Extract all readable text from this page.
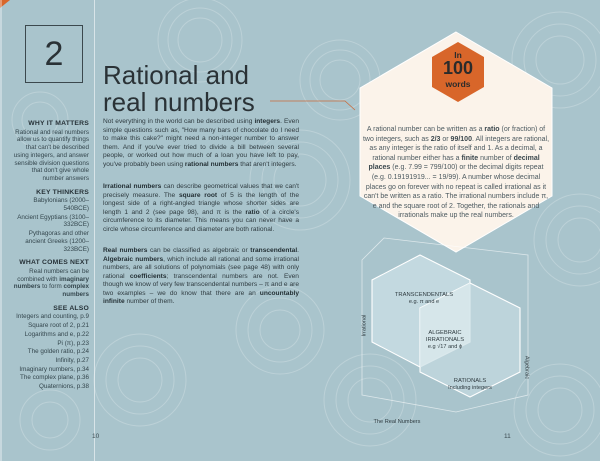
2
Rational and
real numbers
WHY IT MATTERS
Rational and real numbers allow us to quantify things that can't be described using integers, and answer sensible division questions that don't give whole number answers
KEY THINKERS
Babylonians (2000–540BCE)
Ancient Egyptians (3100–332BCE)
Pythagoras and other ancient Greeks (1200–323BCE)
WHAT COMES NEXT
Real numbers can be combined with imaginary numbers to form complex numbers
SEE ALSO
Integers and counting, p.9
Square root of 2, p.21
Logarithms and e, p.22
Pi (π), p.23
The golden ratio, p.24
Infinity, p.27
Imaginary numbers, p.34
The complex plane, p.36
Quaternions, p.38
Not everything in the world can be described using integers. Even simple questions such as, "How many bars of chocolate do I need to make this cake?" might need a non-integer number to answer them. And if you've ever tried to divide a bill between several people, or worked out how much of a loan you have left to pay, you've probably been using rational numbers that aren't integers.
Irrational numbers can describe geometrical values that we can't precisely measure. The square root of 5 is the length of the longest side of a right-angled triangle whose shorter sides are length 1 and 2 (see page 98), and π is the ratio of a circle's circumference to its diameter. This means you can never have a circle whose circumference and diameter are both rational.
Real numbers can be classified as algebraic or transcendental. Algebraic numbers, which include all rational and some irrational numbers, are all solutions of polynomials (see page 48) with only rational coefficients; transcendental numbers are not. Even though we know of very few transcendental numbers – π and e are two examples – we do know that there are an uncountably infinite number of them.
In
100
words
A rational number can be written as a ratio (or fraction) of two integers, such as 2/3 or 99/100. All integers are rational, as any integer is the ratio of itself and 1. As a decimal, a rational number either has a finite number of decimal places (e.g. 7.99 = 799/100) or the decimal digits repeat (e.g. 0.19191919... = 19/99). A number whose decimal places go on forever with no repeat is called irrational as it can't be written as a ratio. The irrational numbers include π, e and the square root of 2. Together, the rationals and irrationals make up the real numbers.
TRANSCENDENTALS
e.g. π and e
ALGEBRAIC
IRRATIONALS
e.g √17 and ϕ
RATIONALS
Including integers
Irrational
Algebraic
The Real Numbers
10	11
